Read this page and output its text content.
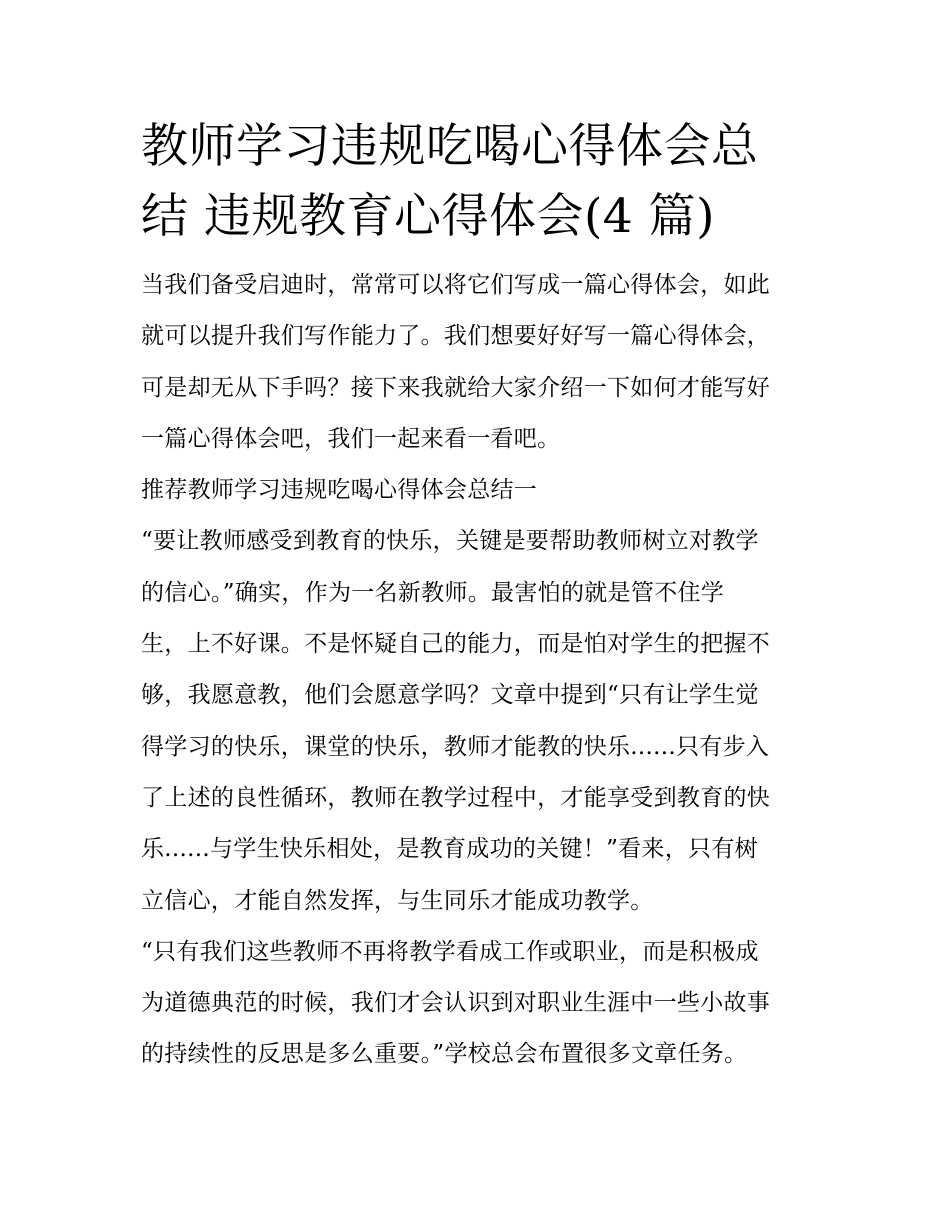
教师学习违规吃喝心得体会总
结 违规教育心得体会(4 篇)
当我们备受启迪时，常常可以将它们写成一篇心得体会，如此
就可以提升我们写作能力了。我们想要好好写一篇心得体会，
可是却无从下手吗？接下来我就给大家介绍一下如何才能写好
一篇心得体会吧，我们一起来看一看吧。
推荐教师学习违规吃喝心得体会总结一
“要让教师感受到教育的快乐，关键是要帮助教师树立对教学
的信心。”确实，作为一名新教师。最害怕的就是管不住学
生，上不好课。不是怀疑自己的能力，而是怕对学生的把握不
够，我愿意教，他们会愿意学吗？文章中提到“只有让学生觉
得学习的快乐，课堂的快乐，教师才能教的快乐......只有步入
了上述的良性循环，教师在教学过程中，才能享受到教育的快
乐......与学生快乐相处，是教育成功的关键！”看来，只有树
立信心，才能自然发挥，与生同乐才能成功教学。
“只有我们这些教师不再将教学看成工作或职业，而是积极成
为道德典范的时候，我们才会认识到对职业生涯中一些小故事
的持续性的反思是多么重要。”学校总会布置很多文章任务。
